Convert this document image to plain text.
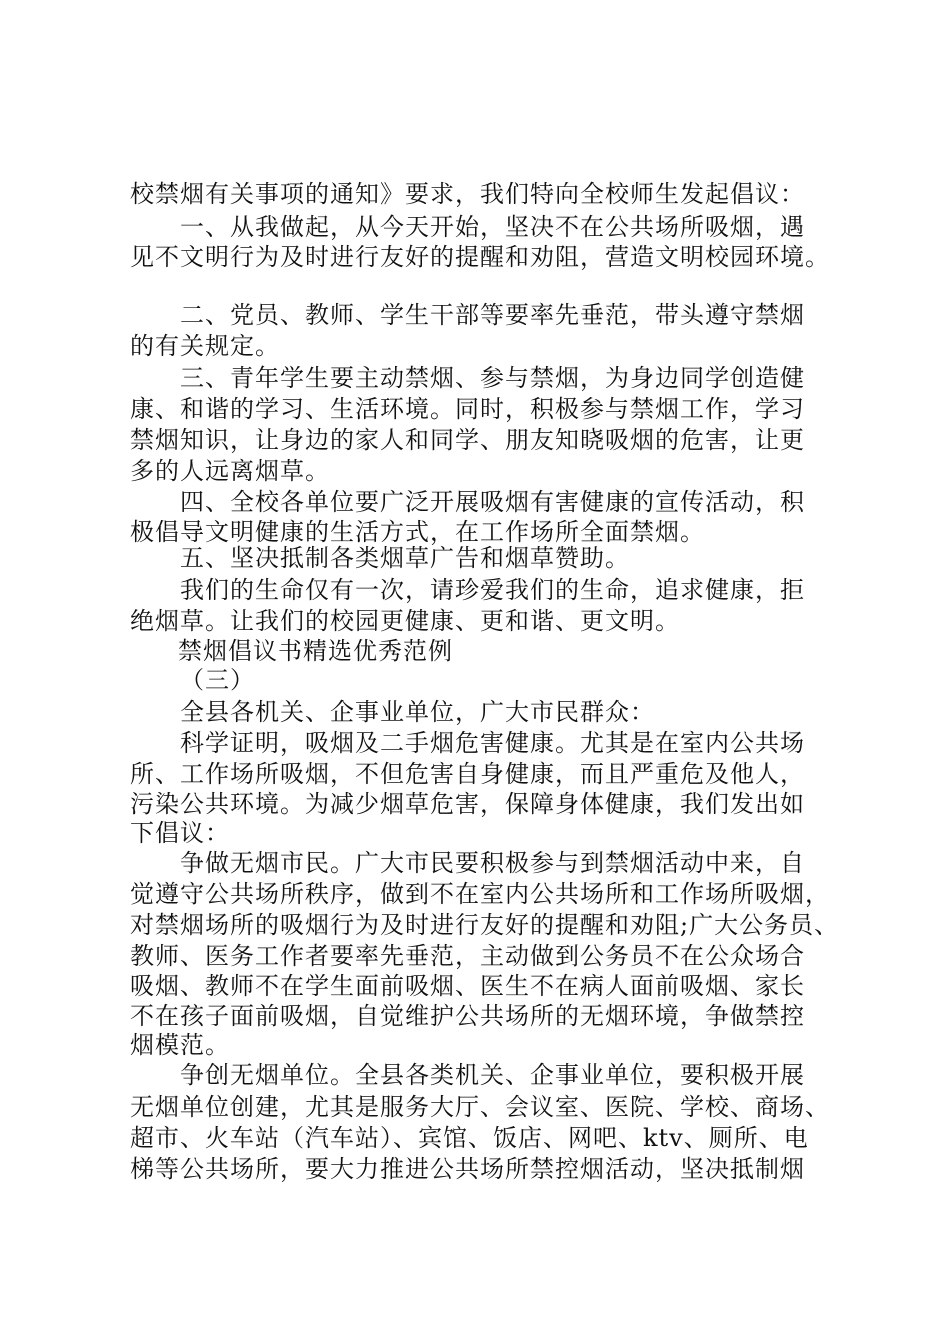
校禁烟有关事项的通知》要求，我们特向全校师生发起倡议：
一、从我做起，从今天开始，坚决不在公共场所吸烟，遇
见不文明行为及时进行友好的提醒和劝阻，营造文明校园环境。
二、党员、教师、学生干部等要率先垂范，带头遵守禁烟
的有关规定。
三、青年学生要主动禁烟、参与禁烟，为身边同学创造健
康、和谐的学习、生活环境。同时，积极参与禁烟工作，学习
禁烟知识，让身边的家人和同学、朋友知晓吸烟的危害，让更
多的人远离烟草。
四、全校各单位要广泛开展吸烟有害健康的宣传活动，积
极倡导文明健康的生活方式，在工作场所全面禁烟。
五、坚决抵制各类烟草广告和烟草赞助。
我们的生命仅有一次，请珍爱我们的生命，追求健康，拒
绝烟草。让我们的校园更健康、更和谐、更文明。
禁烟倡议书精选优秀范例
（三）
全县各机关、企事业单位，广大市民群众：
科学证明，吸烟及二手烟危害健康。尤其是在室内公共场
所、工作场所吸烟，不但危害自身健康，而且严重危及他人，
污染公共环境。为减少烟草危害，保障身体健康，我们发出如
下倡议：
争做无烟市民。广大市民要积极参与到禁烟活动中来，自
觉遵守公共场所秩序，做到不在室内公共场所和工作场所吸烟，
对禁烟场所的吸烟行为及时进行友好的提醒和劝阻;广大公务员、
教师、医务工作者要率先垂范，主动做到公务员不在公众场合
吸烟、教师不在学生面前吸烟、医生不在病人面前吸烟、家长
不在孩子面前吸烟，自觉维护公共场所的无烟环境，争做禁控
烟模范。
争创无烟单位。全县各类机关、企事业单位，要积极开展
无烟单位创建，尤其是服务大厅、会议室、医院、学校、商场、
超市、火车站（汽车站）、宾馆、饭店、网吧、ktv、厕所、电
梯等公共场所，要大力推进公共场所禁控烟活动，坚决抵制烟
